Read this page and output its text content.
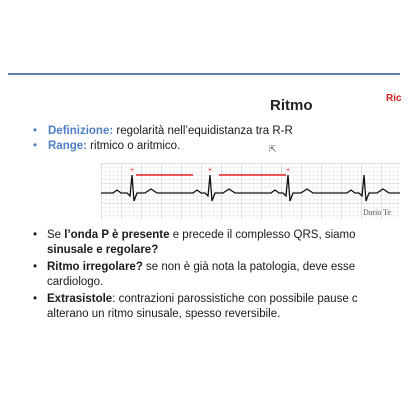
Ritmo	Ric
• Definizione: regolarità nell’equidistanza tra R-R
• Range: ritmico o aritmico.	⇱
+	+	+
Dario Te
• Se l’onda P è presente e precede il complesso QRS, siamo
sinusale e regolare?
• Ritmo irregolare? se non è già nota la patologia, deve esse
cardiologo.
• Extrasistole: contrazioni parossistiche con possibile pause c
alterano un ritmo sinusale, spesso reversibile.
